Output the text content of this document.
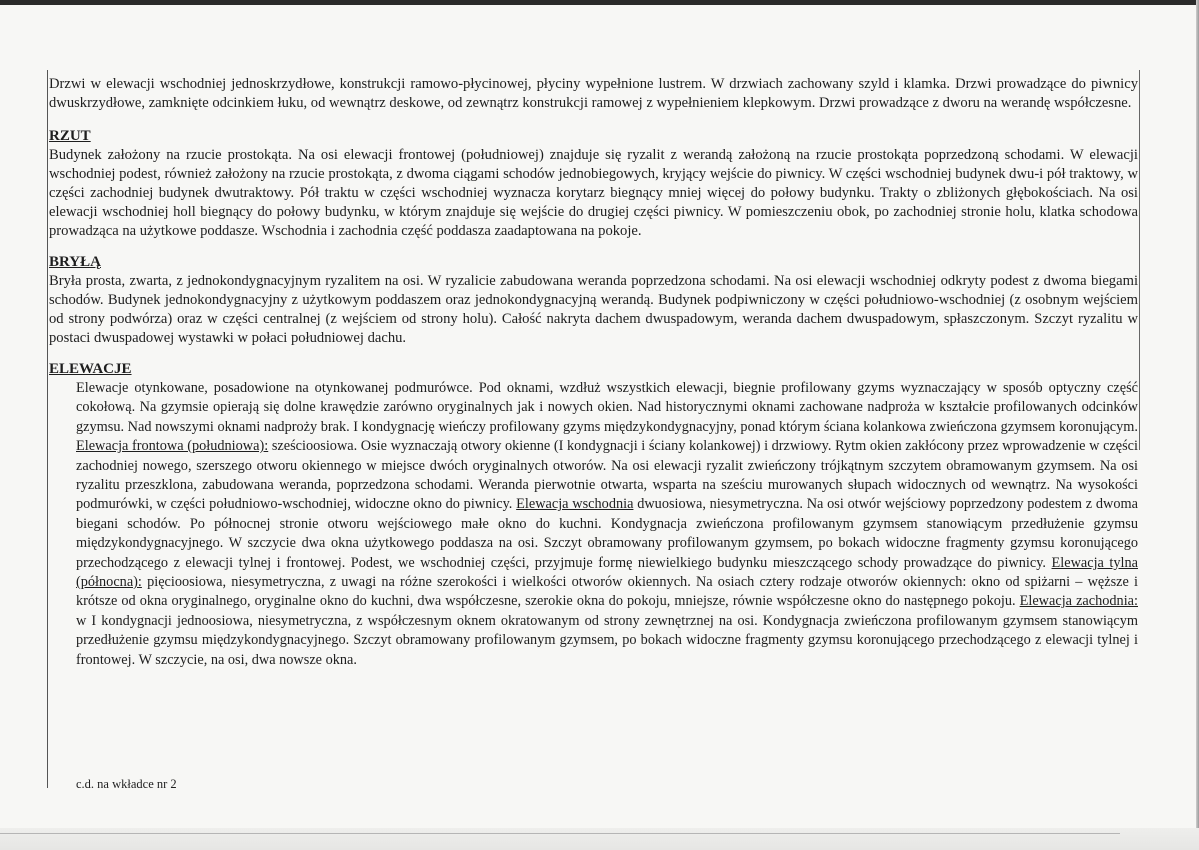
Drzwi w elewacji wschodniej jednoskrzydłowe, konstrukcji ramowo-płycinowej, płyciny wypełnione lustrem. W drzwiach zachowany szyld i klamka. Drzwi prowadzące do piwnicy dwuskrzydłowe, zamknięte odcinkiem łuku, od wewnątrz deskowe, od zewnątrz konstrukcji ramowej z wypełnieniem klepkowym. Drzwi prowadzące z dworu na werandę współczesne.

RZUT

Budynek założony na rzucie prostokąta. Na osi elewacji frontowej (południowej) znajduje się ryzalit z werandą założoną na rzucie prostokąta poprzedzoną schodami. W elewacji wschodniej podest, również założony na rzucie prostokąta, z dwoma ciągami schodów jednobiegowych, kryjący wejście do piwnicy. W części wschodniej budynek dwu-i pół traktowy, w części zachodniej budynek dwutraktowy. Pół traktu w części wschodniej wyznacza korytarz biegnący mniej więcej do połowy budynku. Trakty o zbliżonych głębokościach. Na osi elewacji wschodniej holl biegnący do połowy budynku, w którym znajduje się wejście do drugiej części piwnicy. W pomieszczeniu obok, po zachodniej stronie holu, klatka schodowa prowadząca na użytkowe poddasze. Wschodnia i zachodnia część poddasza zaadaptowana na pokoje.

BRYŁĄ

Bryła prosta, zwarta, z jednokondygnacyjnym ryzalitem na osi. W ryzalicie zabudowana weranda poprzedzona schodami. Na osi elewacji wschodniej odkryty podest z dwoma biegami schodów. Budynek jednokondygnacyjny z użytkowym poddaszem oraz jednokondygnacyjną werandą. Budynek podpiwniczony w części południowo-wschodniej (z osobnym wejściem od strony podwórza) oraz w części centralnej (z wejściem od strony holu). Całość nakryta dachem dwuspadowym, weranda dachem dwuspadowym, spłaszczonym. Szczyt ryzalitu w postaci dwuspadowej wystawki w połaci południowej dachu.

ELEWACJE

Elewacje otynkowane, posadowione na otynkowanej podmurówce. Pod oknami, wzdłuż wszystkich elewacji, biegnie profilowany gzyms wyznaczający w sposób optyczny część cokołową. Na gzymsie opierają się dolne krawędzie zarówno oryginalnych jak i nowych okien. Nad historycznymi oknami zachowane nadproża w kształcie profilowanych odcinków gzymsu. Nad nowszymi oknami nadproży brak. I kondygnację wieńczy profilowany gzyms międzykondygnacyjny, ponad którym ściana kolankowa zwieńczona gzymsem koronującym. Elewacja frontowa (południowa): sześcioosiowa. Osie wyznaczają otwory okienne (I kondygnacji i ściany kolankowej) i drzwiowy. Rytm okien zakłócony przez wprowadzenie w części zachodniej nowego, szerszego otworu okiennego w miejsce dwóch oryginalnych otworów. Na osi elewacji ryzalit zwieńczony trójkątnym szczytem obramowanym gzymsem. Na osi ryzalitu przeszklona, zabudowana weranda, poprzedzona schodami. Weranda pierwotnie otwarta, wsparta na sześciu murowanych słupach widocznych od wewnątrz. Na wysokości podmurówki, w części południowo-wschodniej, widoczne okno do piwnicy. Elewacja wschodnia dwuosiowa, niesymetryczna. Na osi otwór wejściowy poprzedzony podestem z dwoma biegani schodów. Po północnej stronie otworu wejściowego małe okno do kuchni. Kondygnacja zwieńczona profilowanym gzymsem stanowiącym przedłużenie gzymsu międzykondygnacyjnego. W szczycie dwa okna użytkowego poddasza na osi. Szczyt obramowany profilowanym gzymsem, po bokach widoczne fragmenty gzymsu koronującego przechodzącego z elewacji tylnej i frontowej. Podest, we wschodniej części, przyjmuje formę niewielkiego budynku mieszczącego schody prowadzące do piwnicy. Elewacja tylna (północna): pięcioosiowa, niesymetryczna, z uwagi na różne szerokości i wielkości otworów okiennych. Na osiach cztery rodzaje otworów okiennych: okno od spiżarni – węższe i krótsze od okna oryginalnego, oryginalne okno do kuchni, dwa współczesne, szerokie okna do pokoju, mniejsze, równie współczesne okno do następnego pokoju. Elewacja zachodnia: w I kondygnacji jednoosiowa, niesymetryczna, z współczesnym oknem okratowanym od strony zewnętrznej na osi. Kondygnacja zwieńczona profilowanym gzymsem stanowiącym przedłużenie gzymsu międzykondygnacyjnego. Szczyt obramowany profilowanym gzymsem, po bokach widoczne fragmenty gzymsu koronującego przechodzącego z elewacji tylnej i frontowej. W szczycie, na osi, dwa nowsze okna.

c.d. na wkładce nr 2
